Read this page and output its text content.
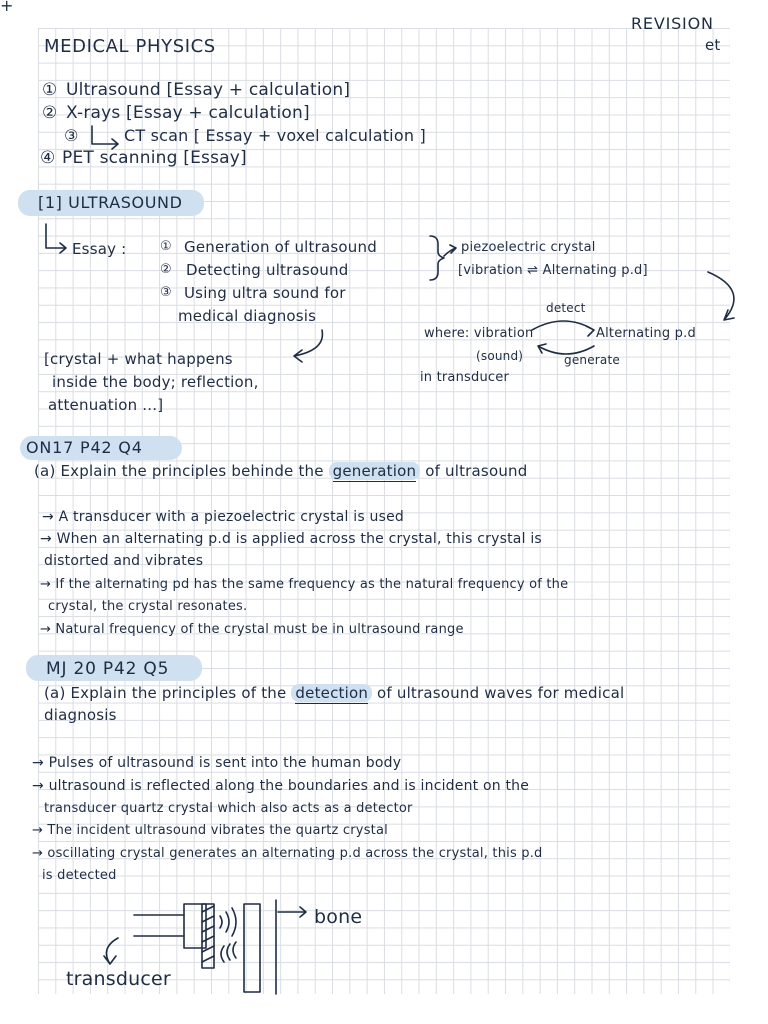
+
MEDICAL PHYSICS
REVISION
et
① Ultrasound [Essay + calculation]
② X-rays [Essay + calculation]
③	CT scan [ Essay + voxel calculation ]
④ PET scanning [Essay]
[1] ULTRASOUND
Essay :	① Generation of ultrasound
② Detecting ultrasound
③ Using ultra sound for
medical diagnosis
piezoelectric crystal
[vibration ⇌ Alternating p.d]
detect
where: vibration	Alternating p.d
(sound)	generate
in transducer
[crystal + what happens
inside the body; reflection,
attenuation ...]
ON17 P42 Q4
(a) Explain the principles behinde the generation of ultrasound
→ A transducer with a piezoelectric crystal is used
→ When an alternating p.d is applied across the crystal, this crystal is
distorted and vibrates
→ If the alternating pd has the same frequency as the natural frequency of the
crystal, the crystal resonates.
→ Natural frequency of the crystal must be in ultrasound range
MJ 20 P42 Q5
(a) Explain the principles of the detection of ultrasound waves for medical
diagnosis
→ Pulses of ultrasound is sent into the human body
→ ultrasound is reflected along the boundaries and is incident on the
transducer quartz crystal which also acts as a detector
→ The incident ultrasound vibrates the quartz crystal
→ oscillating crystal generates an alternating p.d across the crystal, this p.d
is detected
bone
transducer
